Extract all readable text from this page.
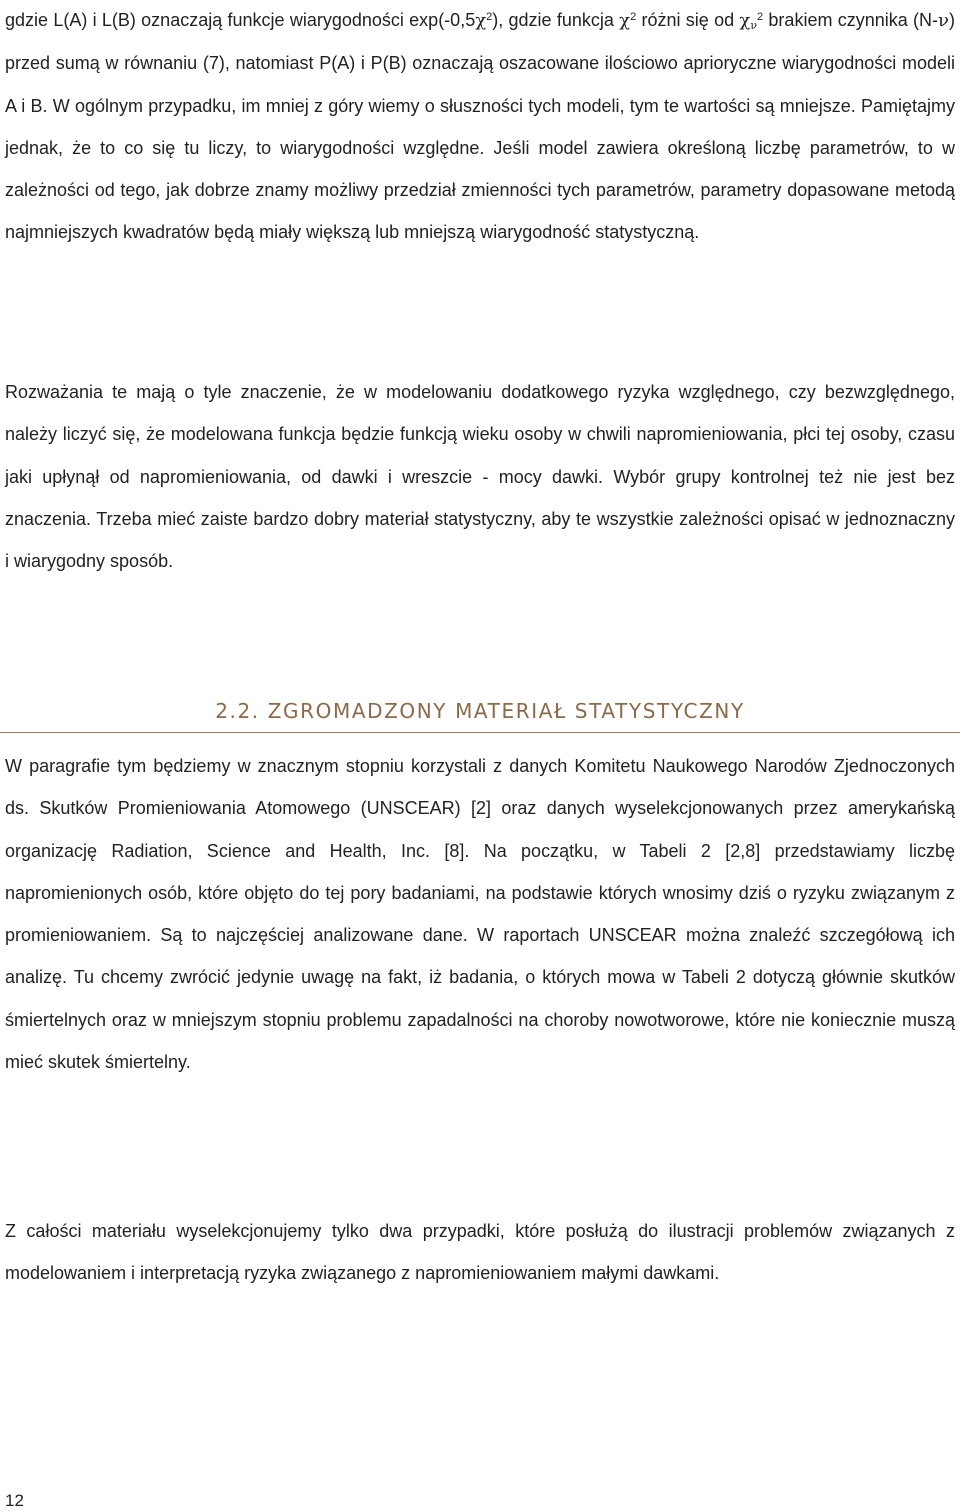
gdzie L(A) i L(B) oznaczają funkcje wiarygodności $\exp(-0,5\chi^2)$, gdzie funkcja $\chi^2$ różni się od $\chi_\nu^2$ brakiem czynnika (N-ν) przed sumą w równaniu (7), natomiast P(A) i P(B) oznaczają oszacowane ilościowo aprioryczne wiarygodności modeli A i B. W ogólnym przypadku, im mniej z góry wiemy o słuszności tych modeli, tym te wartości są mniejsze. Pamiętajmy jednak, że to co się tu liczy, to wiarygodności względne. Jeśli model zawiera określoną liczbę parametrów, to w zależności od tego, jak dobrze znamy możliwy przedział zmienności tych parametrów, parametry dopasowane metodą najmniejszych kwadratów będą miały większą lub mniejszą wiarygodność statystyczną.

Rozważania te mają o tyle znaczenie, że w modelowaniu dodatkowego ryzyka względnego, czy bezwzględnego, należy liczyć się, że modelowana funkcja będzie funkcją wieku osoby w chwili napromieniowania, płci tej osoby, czasu jaki upłynął od napromieniowania, od dawki i wreszcie - mocy dawki. Wybór grupy kontrolnej też nie jest bez znaczenia. Trzeba mieć zaiste bardzo dobry materiał statystyczny, aby te wszystkie zależności opisać w jednoznaczny i wiarygodny sposób.

2.2. ZGROMADZONY MATERIAŁ STATYSTYCZNY

W paragrafie tym będziemy w znacznym stopniu korzystali z danych Komitetu Naukowego Narodów Zjednoczonych ds. Skutków Promieniowania Atomowego (UNSCEAR) [2] oraz danych wyselekcjonowanych przez amerykańską organizację Radiation, Science and Health, Inc. [8]. Na początku, w Tabeli 2 [2,8] przedstawiamy liczbę napromienionych osób, które objęto do tej pory badaniami, na podstawie których wnosimy dziś o ryzyku związanym z promieniowaniem. Są to najczęściej analizowane dane. W raportach UNSCEAR można znaleźć szczegółową ich analizę. Tu chcemy zwrócić jedynie uwagę na fakt, iż badania, o których mowa w Tabeli 2 dotyczą głównie skutków śmiertelnych oraz w mniejszym stopniu problemu zapadalności na choroby nowotworowe, które nie koniecznie muszą mieć skutek śmiertelny.

Z całości materiału wyselekcjonujemy tylko dwa przypadki, które posłużą do ilustracji problemów związanych z modelowaniem i interpretacją ryzyka związanego z napromieniowaniem małymi dawkami.

12
